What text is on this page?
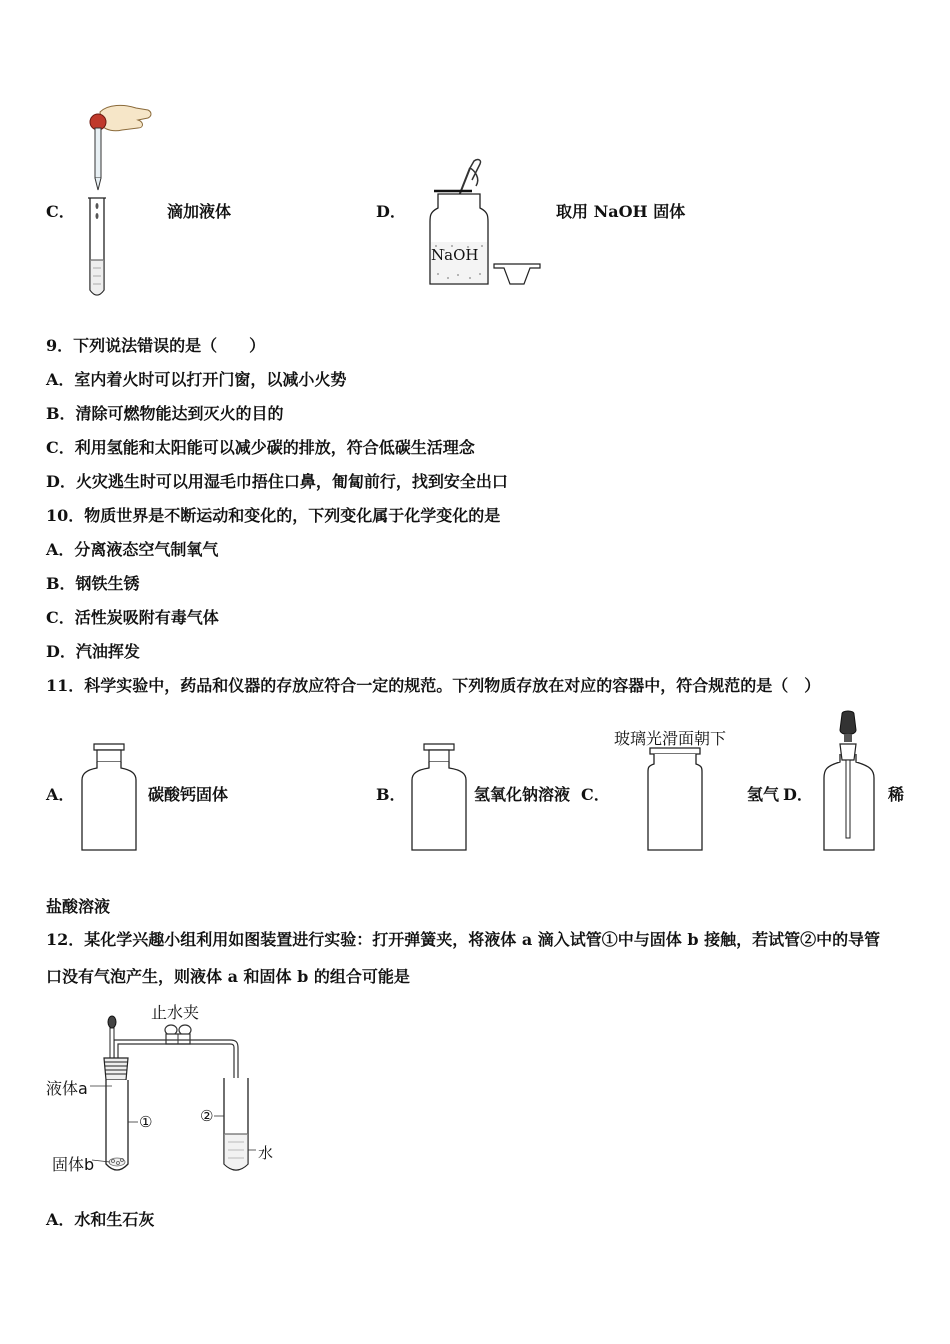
C．	滴加液体	D．
NaOH
取用 NaOH 固体
9．下列说法错误的是（　　）
A．室内着火时可以打开门窗，以减小火势
B．清除可燃物能达到灭火的目的
C．利用氢能和太阳能可以减少碳的排放，符合低碳生活理念
D．火灾逃生时可以用湿毛巾捂住口鼻，匍匐前行，找到安全出口
10．物质世界是不断运动和变化的，下列变化属于化学变化的是
A．分离液态空气制氧气
B．钢铁生锈
C．活性炭吸附有毒气体
D．汽油挥发
11．科学实验中，药品和仪器的存放应符合一定的规范。下列物质存放在对应的容器中，符合规范的是（　）
A．	碳酸钙固体	B．	氢氧化钠溶液 C．
玻璃光滑面朝下
氢气 D．	稀
盐酸溶液
12．某化学兴趣小组利用如图装置进行实验：打开弹簧夹，将液体 a 滴入试管①中与固体 b 接触，若试管②中的导管
口没有气泡产生，则液体 a 和固体 b 的组合可能是
止水夹
液体a
①	②
固体b
水
A．水和生石灰
